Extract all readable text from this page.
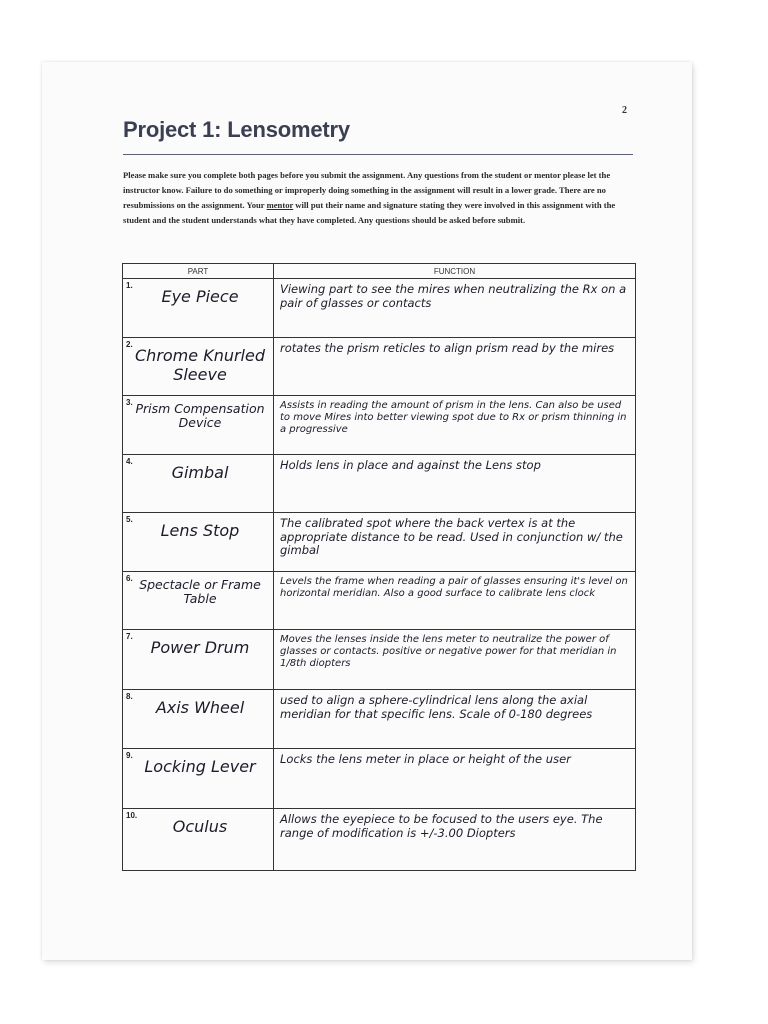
2
Project 1: Lensometry
Please make sure you complete both pages before you submit the assignment. Any questions from the student or mentor please let the instructor know. Failure to do something or improperly doing something in the assignment will result in a lower grade. There are no resubmissions on the assignment. Your mentor will put their name and signature stating they were involved in this assignment with the student and the student understands what they have completed. Any questions should be asked before submit.
PART	FUNCTION

1.
Eye Piece	Viewing part to see the mires when neutralizing the Rx on a pair of glasses or contacts

2.
Chrome Knurled Sleeve	rotates the prism reticles to align prism read by the mires

3. Prism Compensation Device	Assists in reading the amount of prism in the lens. Can also be used to move Mires into better viewing spot due to Rx or prism thinning in a progressive

4.
Gimbal	Holds lens in place and against the Lens stop

5.
Lens Stop	The calibrated spot where the back vertex is at the appropriate distance to be read. Used in conjunction w/ the gimbal

6. Spectacle or Frame Table	Levels the frame when reading a pair of glasses ensuring it's level on horizontal meridian. Also a good surface to calibrate lens clock

7.
Power Drum	Moves the lenses inside the lens meter to neutralize the power of glasses or contacts. positive or negative power for that meridian in 1/8th diopters

8.
Axis Wheel	used to align a sphere-cylindrical lens along the axial meridian for that specific lens. Scale of 0-180 degrees

9.
Locking Lever	Locks the lens meter in place or height of the user

10.
Oculus	Allows the eyepiece to be focused to the users eye. The range of modification is +/-3.00 Diopters
